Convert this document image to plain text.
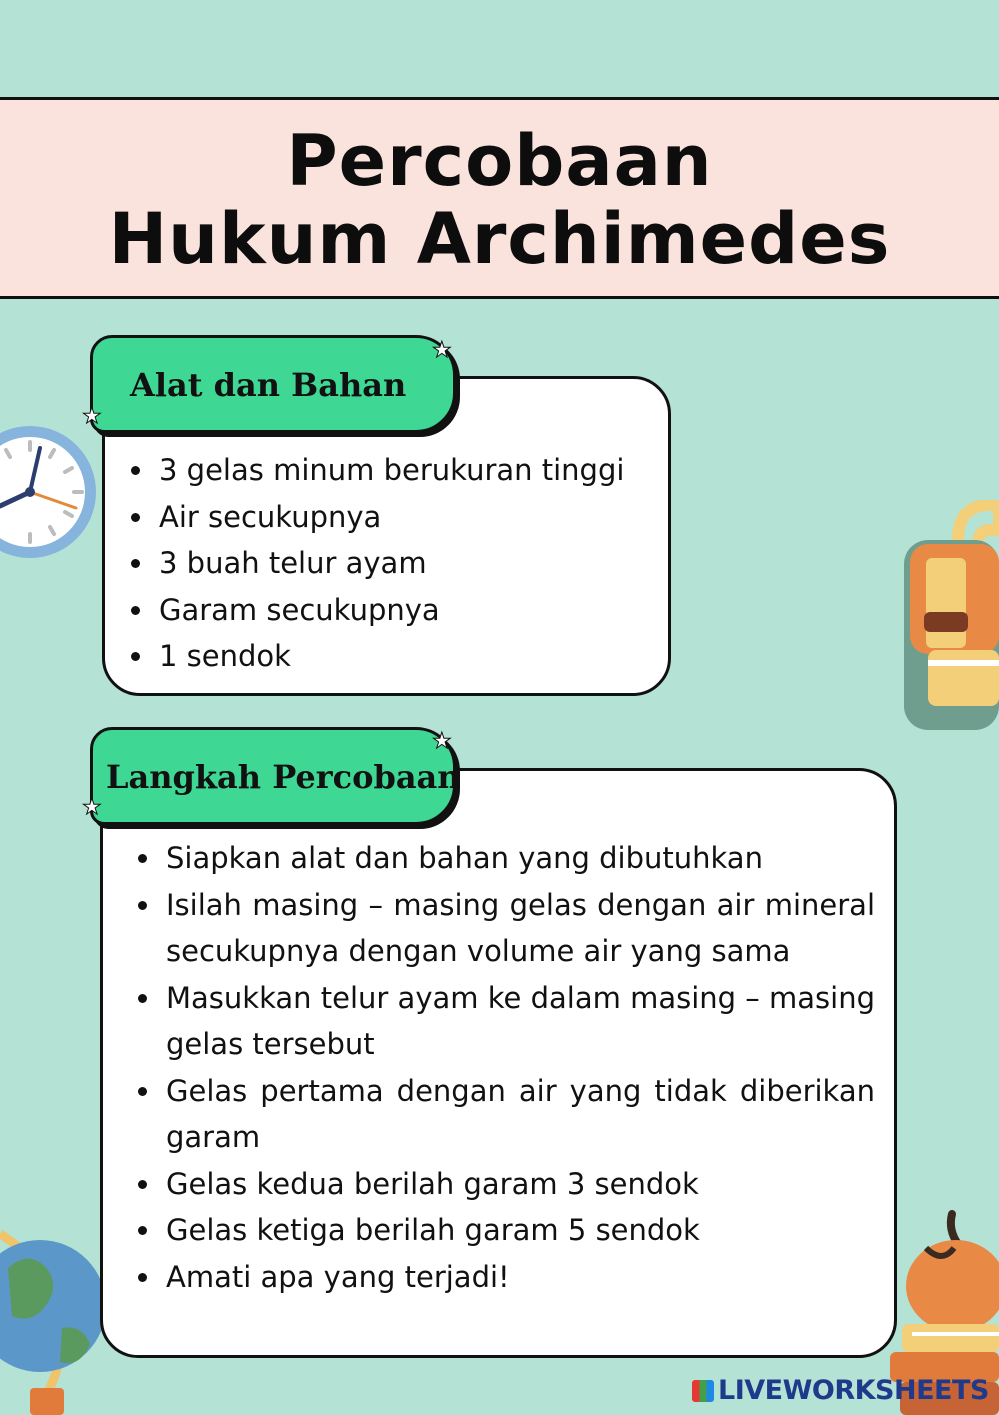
Percobaan
Hukum Archimedes
3 gelas minum berukuran tinggi
Air secukupnya
3 buah telur ayam
Garam secukupnya
1 sendok
Alat dan Bahan
★
★
Siapkan alat dan bahan yang dibutuhkan
Isilah masing – masing gelas dengan air mineral secukupnya dengan volume air yang sama
Masukkan telur ayam ke dalam masing – masing gelas tersebut
Gelas pertama dengan air yang tidak diberikan garam
Gelas kedua berilah garam 3 sendok
Gelas ketiga berilah garam 5 sendok
Amati apa yang terjadi!
Langkah Percobaan
★
★
LIVEWORKSHEETS
